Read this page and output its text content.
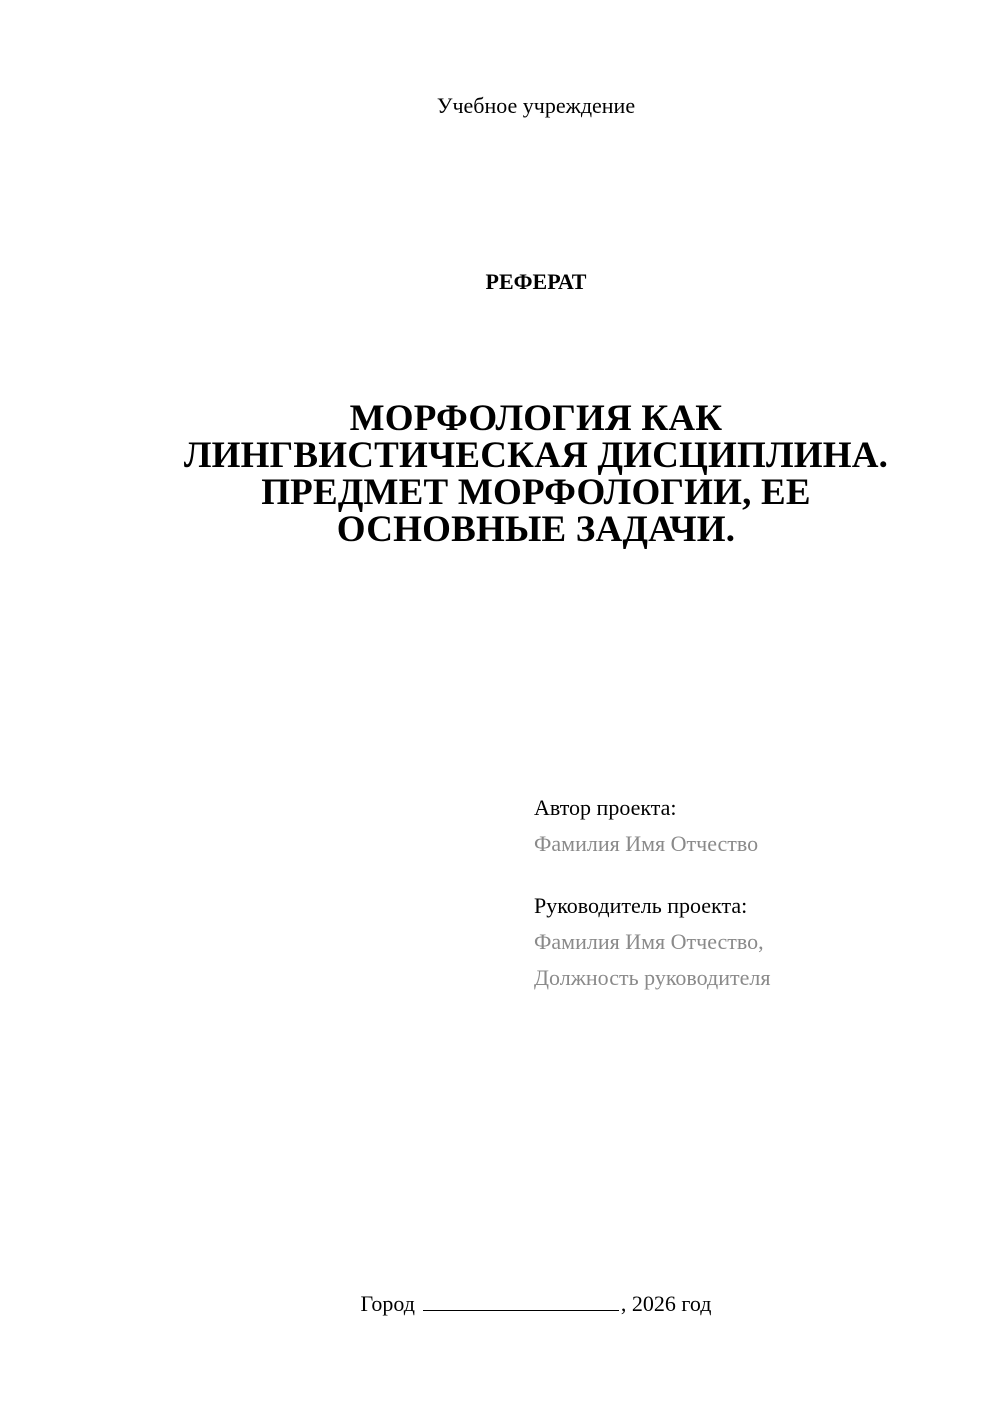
Учебное учреждение
РЕФЕРАТ
МОРФОЛОГИЯ КАК
ЛИНГВИСТИЧЕСКАЯ ДИСЦИПЛИНА.
ПРЕДМЕТ МОРФОЛОГИИ, ЕЕ
ОСНОВНЫЕ ЗАДАЧИ.
Автор проекта:
Фамилия Имя Отчество
Руководитель проекта:
Фамилия Имя Отчество,
Должность руководителя
Город	, 2026 год
